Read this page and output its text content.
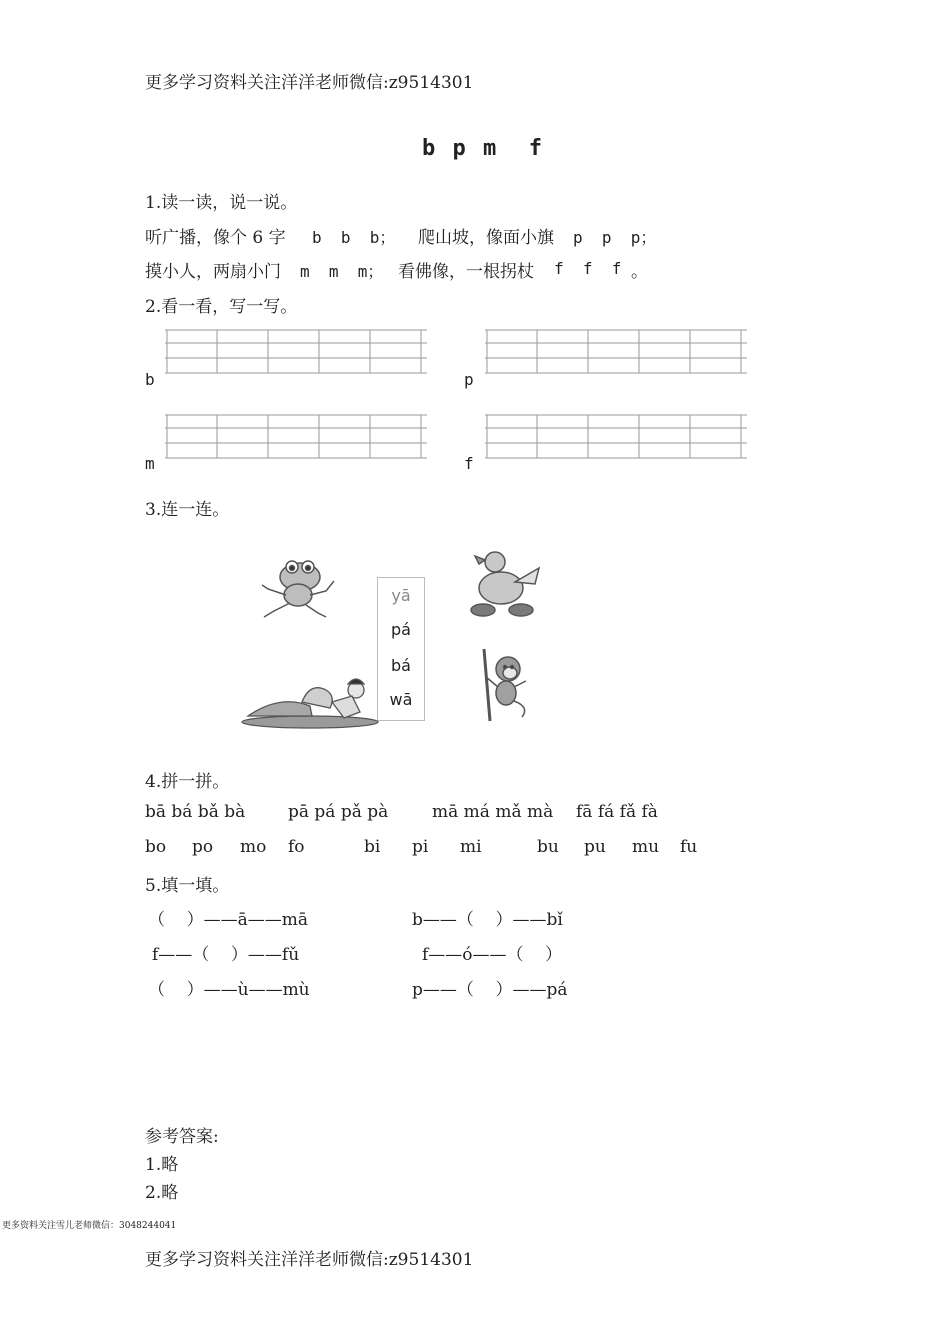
更多学习资料关注洋洋老师微信:z9514301
b p m  f
1.读一读，说一说。
听广播，像个 6 字 b  b  b； 爬山坡，像面小旗 p  p  p；
摸小人，两扇小门 m  m  m； 看佛像，一根拐杖 f  f  f 。
2.看一看，写一写。
b	p
m	f
3.连一连。
yā
pá
bá
wā
4.拼一拼。
bā bá bǎ bà	pā pá pǎ pà	mā má mǎ mà fā fá fǎ fà
bo po mo fo	bi pi mi	bu pu mu fu
5.填一填。
（    ）——ā——mā	b——（    ）——bǐ
f——（    ）——fǔ	f——ó——（    ）
（    ）——ù——mù	p——（    ）——pá
参考答案:
1.略
2.略
更多资料关注雪儿老师微信：3048244041
更多学习资料关注洋洋老师微信:z9514301
